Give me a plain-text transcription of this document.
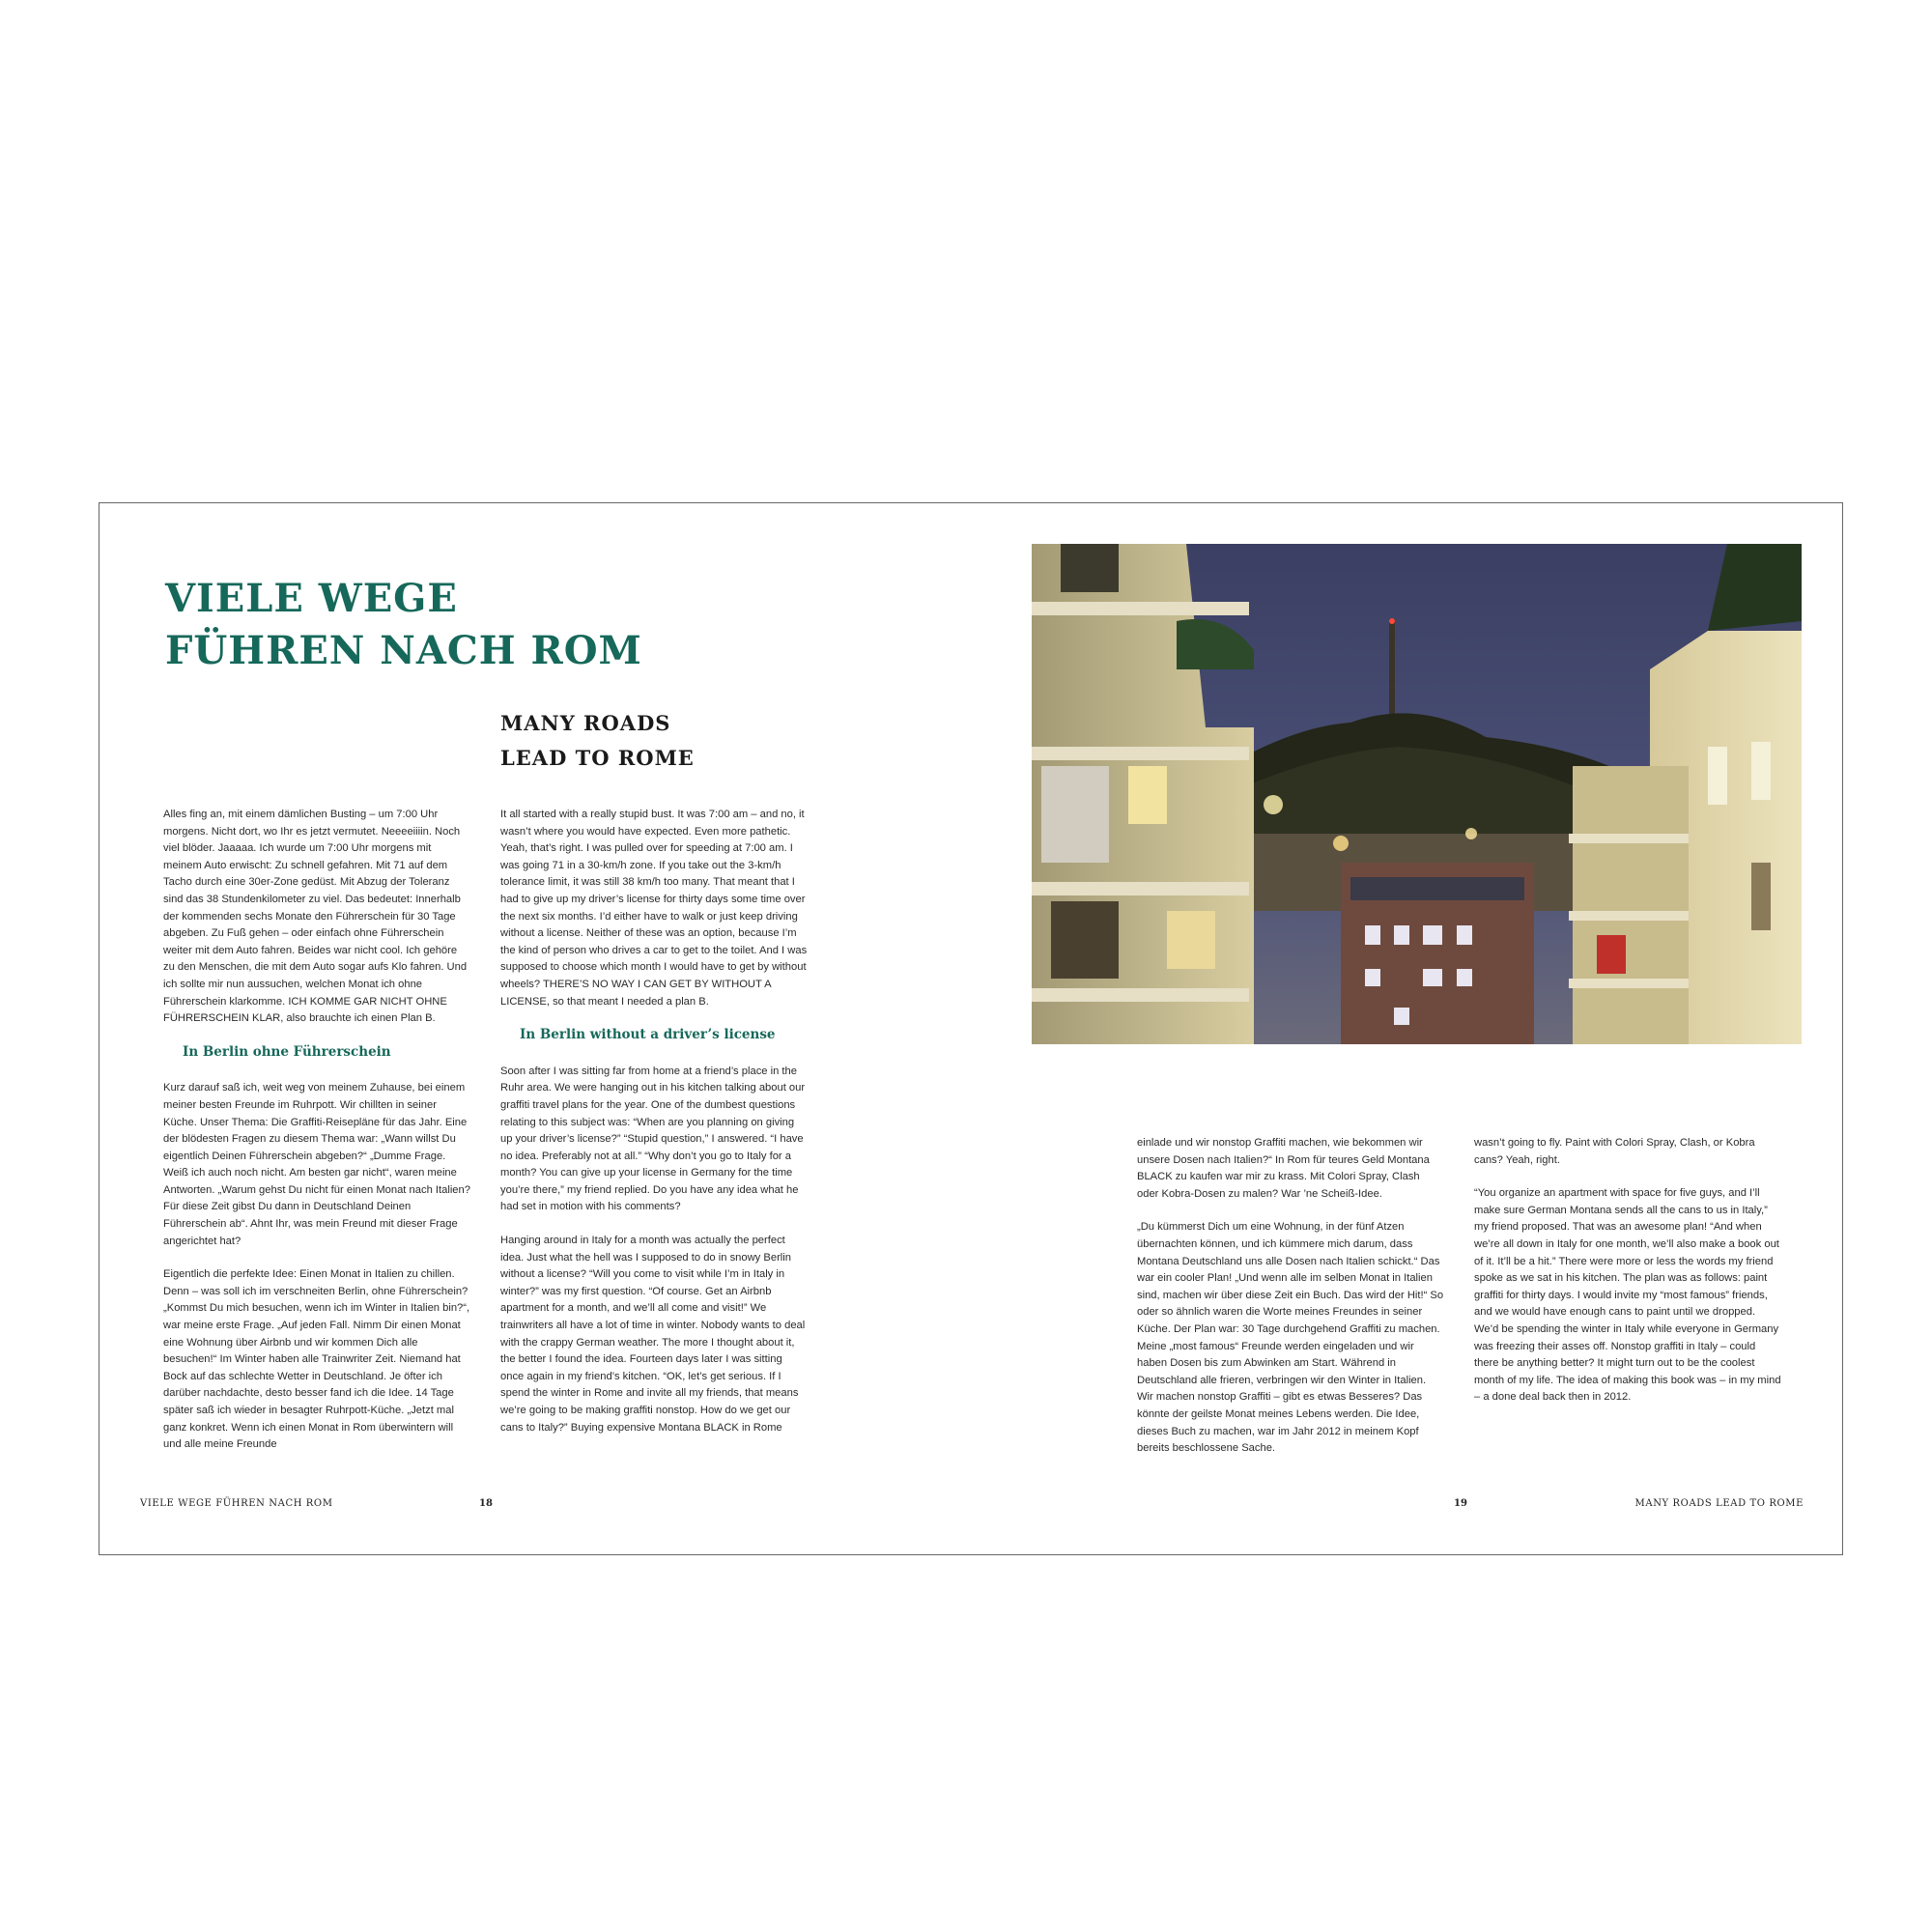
VIELE WEGE
FÜHREN NACH ROM
MANY ROADS
LEAD TO ROME

Alles fing an, mit einem dämlichen Busting – um 7:00 Uhr morgens. Nicht dort, wo Ihr es jetzt vermutet. Neeeeiiiin. Noch viel blöder. Jaaaaa. Ich wurde um 7:00 Uhr morgens mit meinem Auto erwischt: Zu schnell gefahren. Mit 71 auf dem Tacho durch eine 30er-Zone gedüst. Mit Abzug der Toleranz sind das 38 Stundenkilometer zu viel. Das bedeutet: Innerhalb der kommenden sechs Monate den Führerschein für 30 Tage abgeben. Zu Fuß gehen – oder einfach ohne Führerschein weiter mit dem Auto fahren. Beides war nicht cool. Ich gehöre zu den Menschen, die mit dem Auto sogar aufs Klo fahren. Und ich sollte mir nun aussuchen, welchen Monat ich ohne Führerschein klarkomme. ICH KOMME GAR NICHT OHNE FÜHRERSCHEIN KLAR, also brauchte ich einen Plan B.

In Berlin ohne Führerschein

Kurz darauf saß ich, weit weg von meinem Zuhause, bei einem meiner besten Freunde im Ruhrpott. Wir chillten in seiner Küche. Unser Thema: Die Graffiti-Reisepläne für das Jahr. Eine der blödesten Fragen zu diesem Thema war: „Wann willst Du eigentlich Deinen Führerschein abgeben?“ „Dumme Frage. Weiß ich auch noch nicht. Am besten gar nicht“, waren meine Antworten. „Warum gehst Du nicht für einen Monat nach Italien? Für diese Zeit gibst Du dann in Deutschland Deinen Führerschein ab“. Ahnt Ihr, was mein Freund mit dieser Frage angerichtet hat?

Eigentlich die perfekte Idee: Einen Monat in Italien zu chillen. Denn – was soll ich im verschneiten Berlin, ohne Führerschein? „Kommst Du mich besuchen, wenn ich im Winter in Italien bin?“, war meine erste Frage. „Auf jeden Fall. Nimm Dir einen Monat eine Wohnung über Airbnb und wir kommen Dich alle besuchen!“ Im Winter haben alle Trainwriter Zeit. Niemand hat Bock auf das schlechte Wetter in Deutschland. Je öfter ich darüber nachdachte, desto besser fand ich die Idee. 14 Tage später saß ich wieder in besagter Ruhrpott-Küche. „Jetzt mal ganz konkret. Wenn ich einen Monat in Rom überwintern will und alle meine Freunde

It all started with a really stupid bust. It was 7:00 am – and no, it wasn’t where you would have expected. Even more pathetic. Yeah, that’s right. I was pulled over for speeding at 7:00 am. I was going 71 in a 30-km/h zone. If you take out the 3-km/h tolerance limit, it was still 38 km/h too many. That meant that I had to give up my driver’s license for thirty days some time over the next six months. I’d either have to walk or just keep driving without a license. Neither of these was an option, because I’m the kind of person who drives a car to get to the toilet. And I was supposed to choose which month I would have to get by without wheels? THERE’S NO WAY I CAN GET BY WITHOUT A LICENSE, so that meant I needed a plan B.

In Berlin without a driver’s license

Soon after I was sitting far from home at a friend’s place in the Ruhr area. We were hanging out in his kitchen talking about our graffiti travel plans for the year. One of the dumbest questions relating to this subject was: “When are you planning on giving up your driver’s license?” “Stupid question,” I answered. “I have no idea. Preferably not at all.” “Why don’t you go to Italy for a month? You can give up your license in Germany for the time you’re there,” my friend replied. Do you have any idea what he had set in motion with his comments?

Hanging around in Italy for a month was actually the perfect idea. Just what the hell was I supposed to do in snowy Berlin without a license? “Will you come to visit while I’m in Italy in winter?” was my first question. “Of course. Get an Airbnb apartment for a month, and we’ll all come and visit!” We trainwriters all have a lot of time in winter. Nobody wants to deal with the crappy German weather. The more I thought about it, the better I found the idea. Fourteen days later I was sitting once again in my friend’s kitchen. “OK, let’s get serious. If I spend the winter in Rome and invite all my friends, that means we’re going to be making graffiti nonstop. How do we get our cans to Italy?” Buying expensive Montana BLACK in Rome

VIELE WEGE FÜHREN NACH ROM	18

einlade und wir nonstop Graffiti machen, wie bekommen wir unsere Dosen nach Italien?“ In Rom für teures Geld Montana BLACK zu kaufen war mir zu krass. Mit Colori Spray, Clash oder Kobra-Dosen zu malen? War ’ne Scheiß-Idee.

„Du kümmerst Dich um eine Wohnung, in der fünf Atzen übernachten können, und ich kümmere mich darum, dass Montana Deutschland uns alle Dosen nach Italien schickt.“ Das war ein cooler Plan! „Und wenn alle im selben Monat in Italien sind, machen wir über diese Zeit ein Buch. Das wird der Hit!“ So oder so ähnlich waren die Worte meines Freundes in seiner Küche. Der Plan war: 30 Tage durchgehend Graffiti zu machen. Meine „most famous“ Freunde werden eingeladen und wir haben Dosen bis zum Abwinken am Start. Während in Deutschland alle frieren, verbringen wir den Winter in Italien. Wir machen nonstop Graffiti – gibt es etwas Besseres? Das könnte der geilste Monat meines Lebens werden. Die Idee, dieses Buch zu machen, war im Jahr 2012 in meinem Kopf bereits beschlossene Sache.

wasn’t going to fly. Paint with Colori Spray, Clash, or Kobra cans? Yeah, right.

“You organize an apartment with space for five guys, and I’ll make sure German Montana sends all the cans to us in Italy,” my friend proposed. That was an awesome plan! “And when we’re all down in Italy for one month, we’ll also make a book out of it. It’ll be a hit.” There were more or less the words my friend spoke as we sat in his kitchen. The plan was as follows: paint graffiti for thirty days. I would invite my “most famous” friends, and we would have enough cans to paint until we dropped. We’d be spending the winter in Italy while everyone in Germany was freezing their asses off. Nonstop graffiti in Italy – could there be anything better? It might turn out to be the coolest month of my life. The idea of making this book was – in my mind – a done deal back then in 2012.

19	MANY ROADS LEAD TO ROME
